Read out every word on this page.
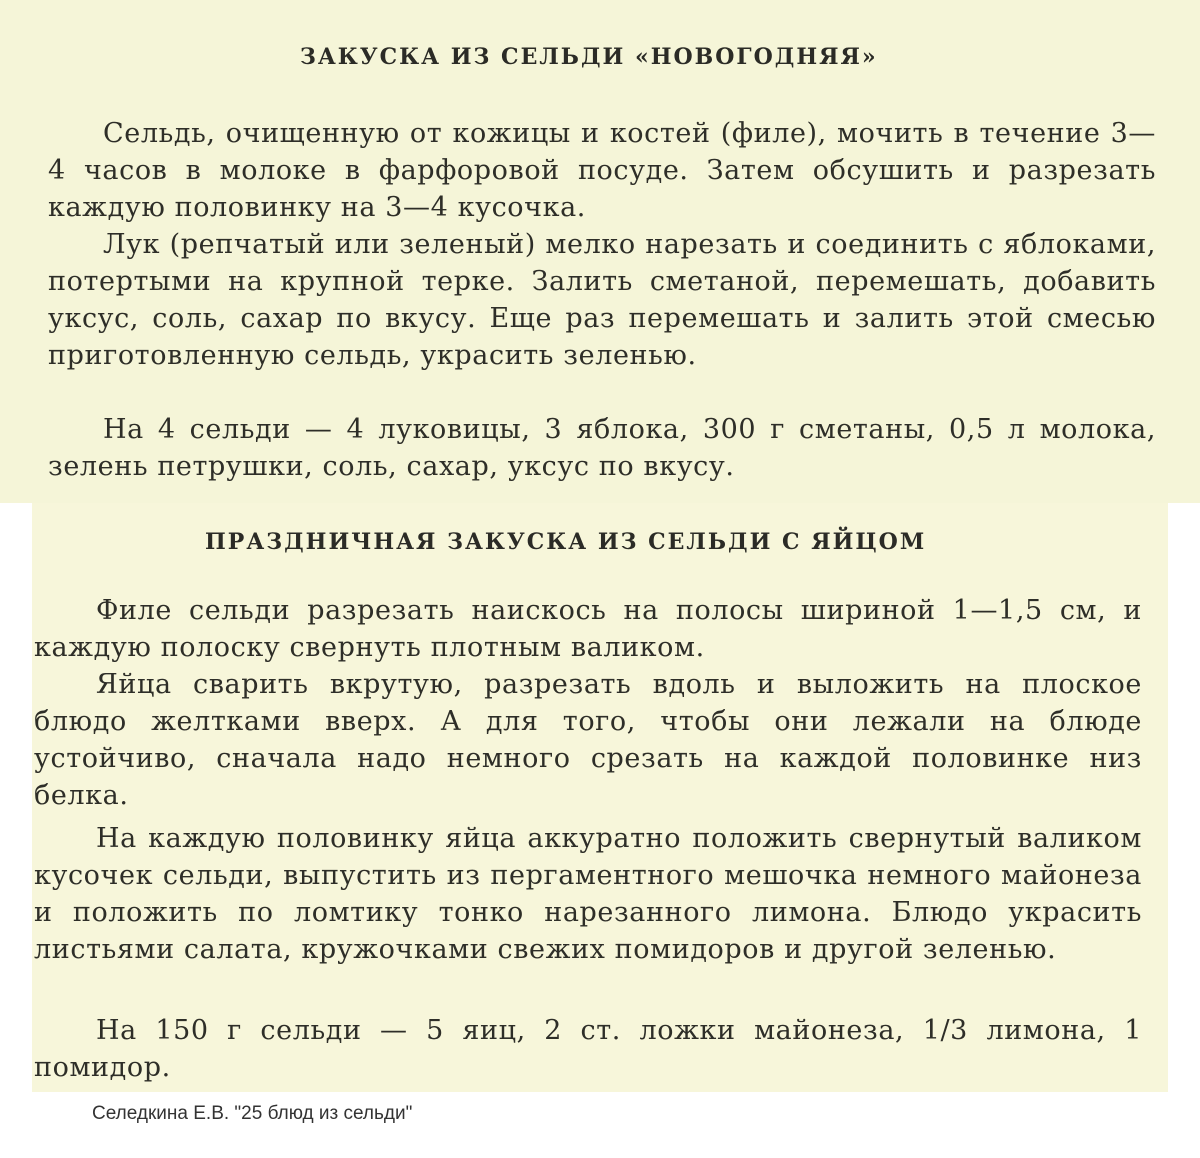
ЗАКУСКА ИЗ СЕЛЬДИ «НОВОГОДНЯЯ»

Сельдь, очищенную от кожицы и костей (филе), мочить в течение 3—4 часов в молоке в фарфоровой посуде. Затем обсушить и разрезать каждую половинку на 3—4 кусочка.

Лук (репчатый или зеленый) мелко нарезать и соединить с яблоками, потертыми на крупной терке. Залить сметаной, перемешать, добавить уксус, соль, сахар по вкусу. Еще раз перемешать и залить этой смесью приготовленную сельдь, украсить зеленью.

На 4 сельди — 4 луковицы, 3 яблока, 300 г сметаны, 0,5 л молока, зелень петрушки, соль, сахар, уксус по вкусу.

ПРАЗДНИЧНАЯ ЗАКУСКА ИЗ СЕЛЬДИ С ЯЙЦОМ

Филе сельди разрезать наискось на полосы шириной 1—1,5 см, и каждую полоску свернуть плотным валиком.

Яйца сварить вкрутую, разрезать вдоль и выложить на плоское блюдо желтками вверх. А для того, чтобы они лежали на блюде устойчиво, сначала надо немного срезать на каждой половинке низ белка.

На каждую половинку яйца аккуратно положить свернутый валиком кусочек сельди, выпустить из пергаментного мешочка немного майонеза и положить по ломтику тонко нарезанного лимона. Блюдо украсить листьями салата, кружочками свежих помидоров и другой зеленью.

На 150 г сельди — 5 яиц, 2 ст. ложки майонеза, 1/3 лимона, 1 помидор.

Селедкина Е.В. "25 блюд из сельди"
